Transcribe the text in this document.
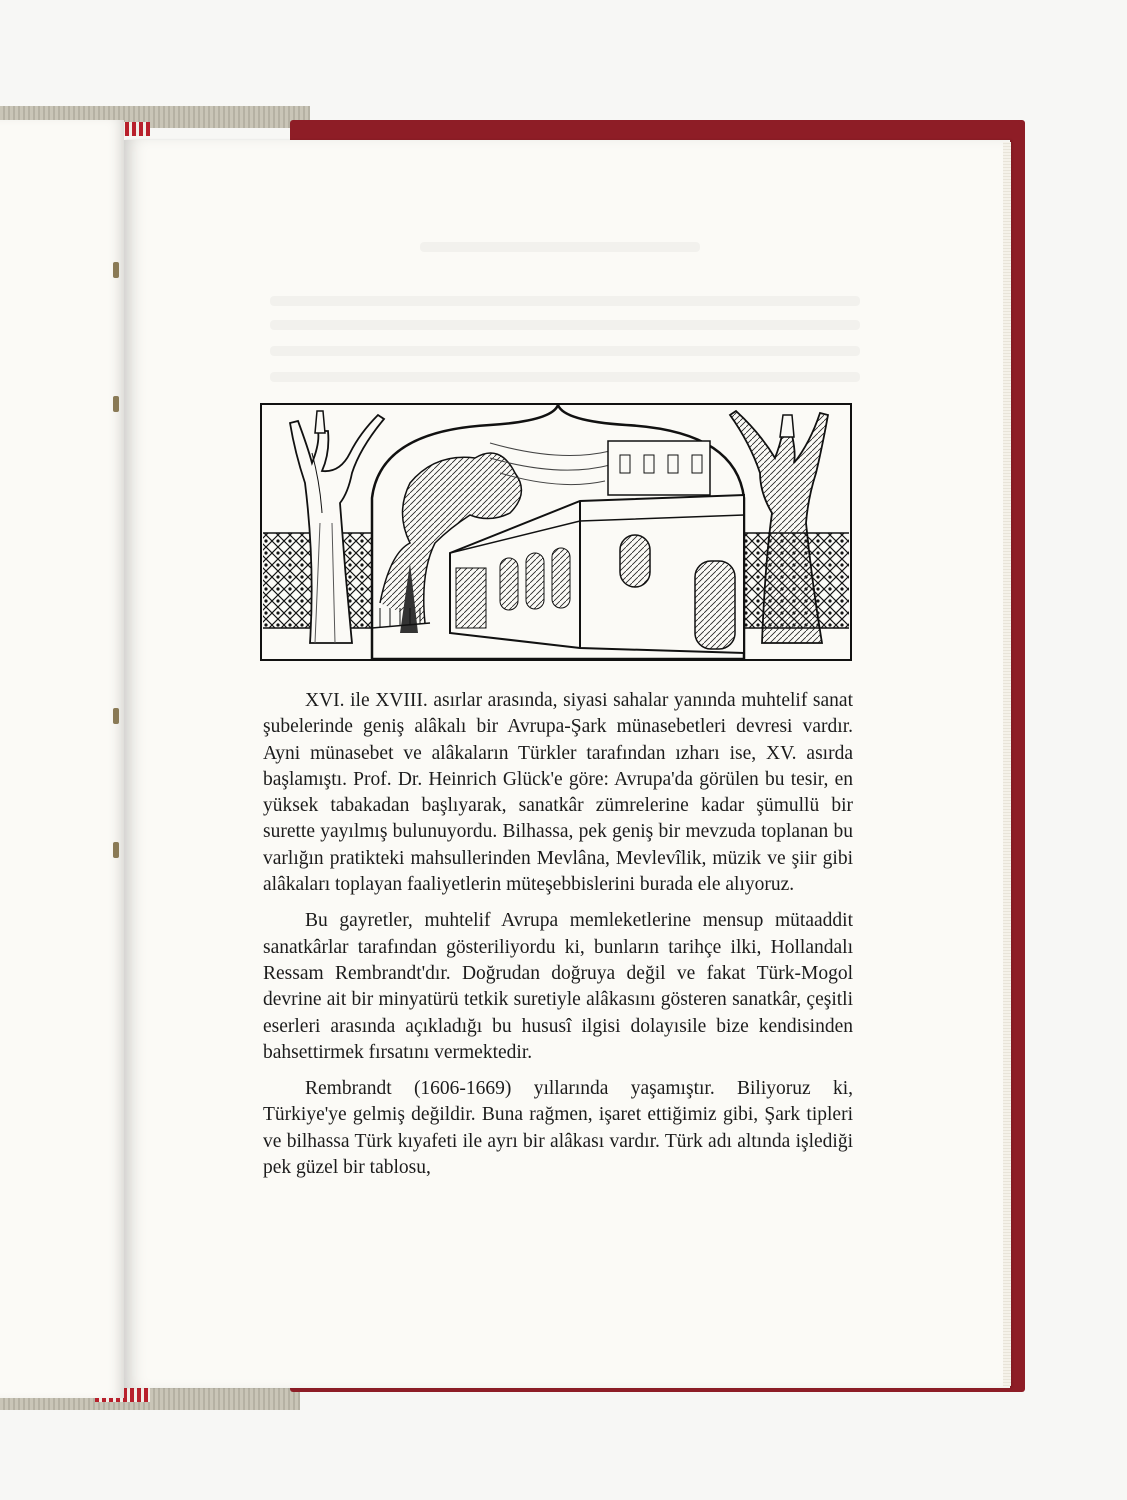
XVI. ile XVIII. asırlar arasında, siyasi sahalar yanında muhtelif sanat şubelerinde geniş alâkalı bir Avrupa-Şark münasebetleri devresi vardır. Ayni münasebet ve alâkaların Türkler tarafından ızharı ise, XV. asırda başlamıştı. Prof. Dr. Heinrich Glück'e göre: Avrupa'da görülen bu tesir, en yüksek tabakadan başlıyarak, sanatkâr zümrelerine kadar şümullü bir surette yayılmış bulunuyordu. Bilhassa, pek geniş bir mevzuda toplanan bu varlığın pratikteki mahsullerinden Mevlâna, Mevlevîlik, müzik ve şiir gibi alâkaları toplayan faaliyetlerin müteşebbislerini burada ele alıyoruz.

Bu gayretler, muhtelif Avrupa memleketlerine mensup mütaaddit sanatkârlar tarafından gösteriliyordu ki, bunların tarihçe ilki, Hollandalı Ressam Rembrandt'dır. Doğrudan doğruya değil ve fakat Türk-Mogol devrine ait bir minyatürü tetkik suretiyle alâkasını gösteren sanatkâr, çeşitli eserleri arasında açıkladığı bu hususî ilgisi dolayısile bize kendisinden bahsettirmek fırsatını vermektedir.

Rembrandt (1606-1669) yıllarında yaşamıştır. Biliyoruz ki, Türkiye'ye gelmiş değildir. Buna rağmen, işaret ettiğimiz gibi, Şark tipleri ve bilhassa Türk kıyafeti ile ayrı bir alâkası vardır. Türk adı altında işlediği pek güzel bir tablosu,
